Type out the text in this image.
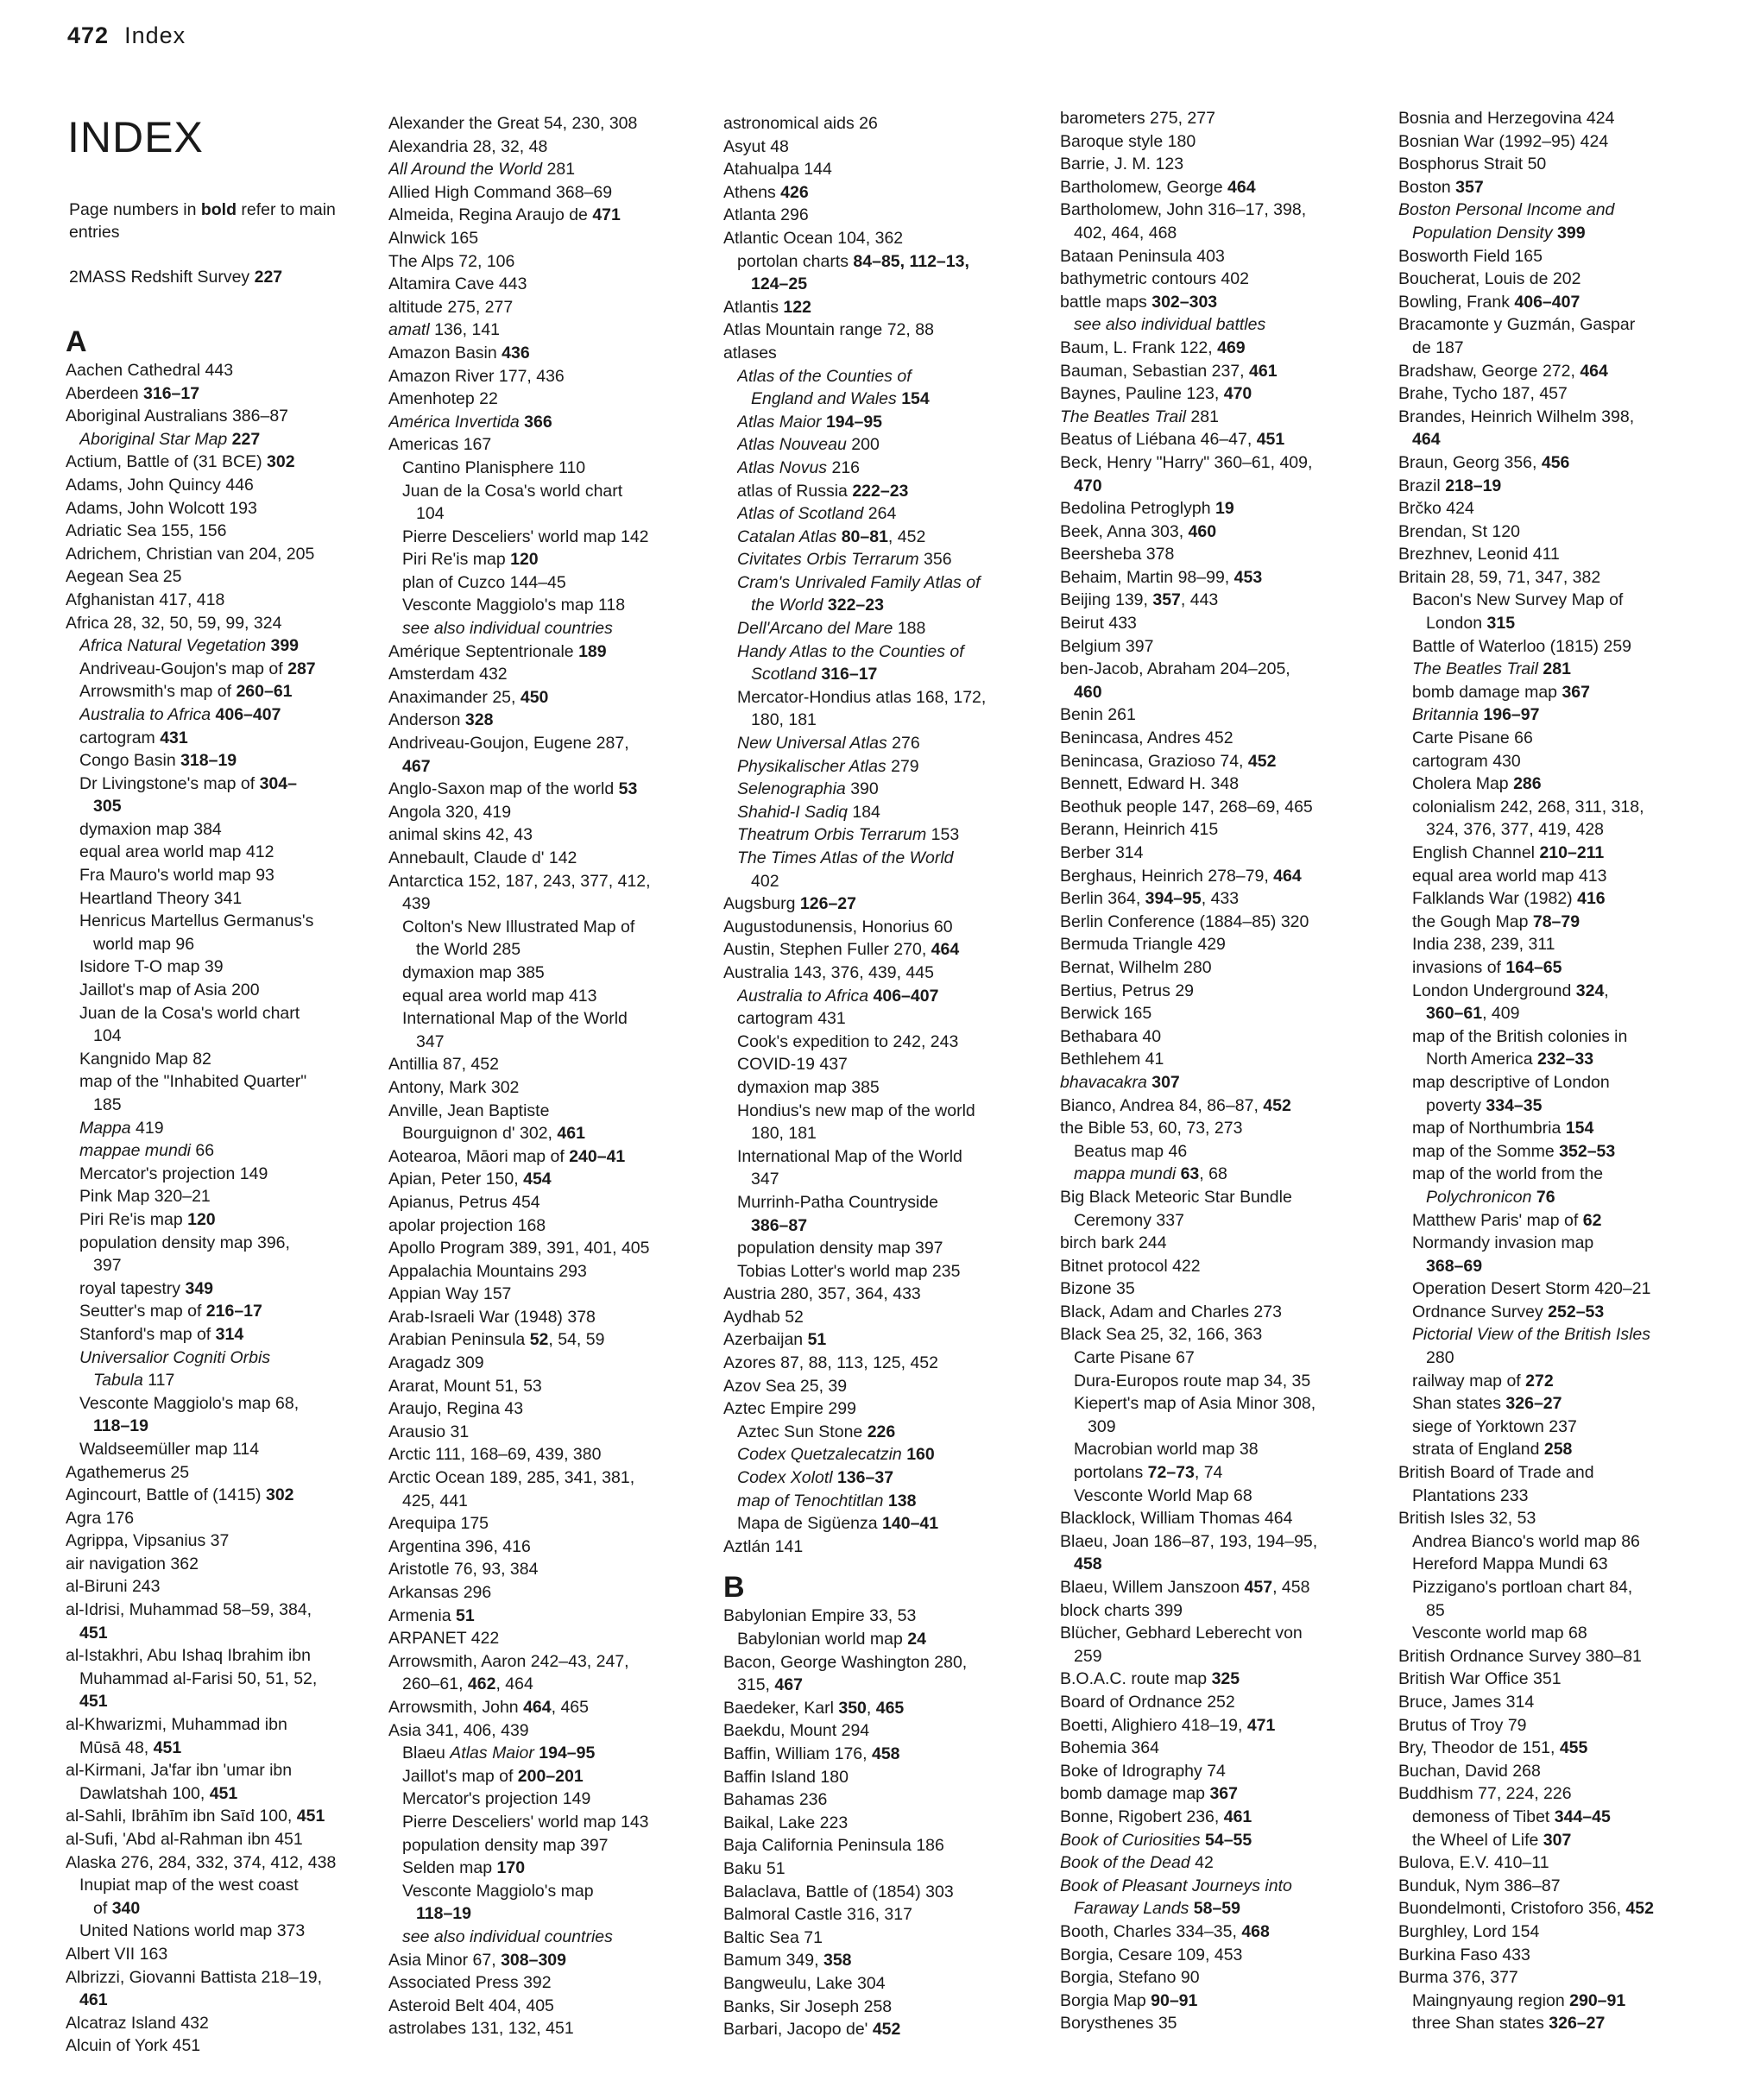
472 Index
INDEX
Page numbers in bold refer to main entries
2MASS Redshift Survey 227
A
Aachen Cathedral 443
Aberdeen 316–17
Aboriginal Australians 386–87
Aboriginal Star Map 227
Actium, Battle of (31 BCE) 302
Adams, John Quincy 446
Adams, John Wolcott 193
Adriatic Sea 155, 156
Adrichem, Christian van 204, 205
Aegean Sea 25
Afghanistan 417, 418
Africa 28, 32, 50, 59, 99, 324
Africa Natural Vegetation 399
Andriveau-Goujon's map of 287
Arrowsmith's map of 260–61
Australia to Africa 406–407
cartogram 431
Congo Basin 318–19
Dr Livingstone's map of 304–
305
dymaxion map 384
equal area world map 412
Fra Mauro's world map 93
Heartland Theory 341
Henricus Martellus Germanus's
world map 96
Isidore T-O map 39
Jaillot's map of Asia 200
Juan de la Cosa's world chart
104
Kangnido Map 82
map of the "Inhabited Quarter"
185
Mappa 419
mappae mundi 66
Mercator's projection 149
Pink Map 320–21
Piri Re'is map 120
population density map 396,
397
royal tapestry 349
Seutter's map of 216–17
Stanford's map of 314
Universalior Cogniti Orbis
Tabula 117
Vesconte Maggiolo's map 68,
118–19
Waldseemüller map 114
Agathemerus 25
Agincourt, Battle of (1415) 302
Agra 176
Agrippa, Vipsanius 37
air navigation 362
al-Biruni 243
al-Idrisi, Muhammad 58–59, 384,
451
al-Istakhri, Abu Ishaq Ibrahim ibn
Muhammad al-Farisi 50, 51, 52,
451
al-Khwarizmi, Muhammad ibn
Mūsā 48, 451
al-Kirmani, Ja'far ibn 'umar ibn
Dawlatshah 100, 451
al-Sahli, Ibrāhīm ibn Saīd 100, 451
al-Sufi, 'Abd al-Rahman ibn 451
Alaska 276, 284, 332, 374, 412, 438
Inupiat map of the west coast
of 340
United Nations world map 373
Albert VII 163
Albrizzi, Giovanni Battista 218–19,
461
Alcatraz Island 432
Alcuin of York 451
Alexander the Great 54, 230, 308
Alexandria 28, 32, 48
All Around the World 281
Allied High Command 368–69
Almeida, Regina Araujo de 471
Alnwick 165
The Alps 72, 106
Altamira Cave 443
altitude 275, 277
amatl 136, 141
Amazon Basin 436
Amazon River 177, 436
Amenhotep 22
América Invertida 366
Americas 167
Cantino Planisphere 110
Juan de la Cosa's world chart
104
Pierre Desceliers' world map 142
Piri Re'is map 120
plan of Cuzco 144–45
Vesconte Maggiolo's map 118
see also individual countries
Amérique Septentrionale 189
Amsterdam 432
Anaximander 25, 450
Anderson 328
Andriveau-Goujon, Eugene 287,
467
Anglo-Saxon map of the world 53
Angola 320, 419
animal skins 42, 43
Annebault, Claude d' 142
Antarctica 152, 187, 243, 377, 412,
439
Colton's New Illustrated Map of
the World 285
dymaxion map 385
equal area world map 413
International Map of the World
347
Antillia 87, 452
Antony, Mark 302
Anville, Jean Baptiste
Bourguignon d' 302, 461
Aotearoa, Māori map of 240–41
Apian, Peter 150, 454
Apianus, Petrus 454
apolar projection 168
Apollo Program 389, 391, 401, 405
Appalachia Mountains 293
Appian Way 157
Arab-Israeli War (1948) 378
Arabian Peninsula 52, 54, 59
Aragadz 309
Ararat, Mount 51, 53
Araujo, Regina 43
Arausio 31
Arctic 111, 168–69, 439, 380
Arctic Ocean 189, 285, 341, 381,
425, 441
Arequipa 175
Argentina 396, 416
Aristotle 76, 93, 384
Arkansas 296
Armenia 51
ARPANET 422
Arrowsmith, Aaron 242–43, 247,
260–61, 462, 464
Arrowsmith, John 464, 465
Asia 341, 406, 439
Blaeu Atlas Maior 194–95
Jaillot's map of 200–201
Mercator's projection 149
Pierre Desceliers' world map 143
population density map 397
Selden map 170
Vesconte Maggiolo's map
118–19
see also individual countries
Asia Minor 67, 308–309
Associated Press 392
Asteroid Belt 404, 405
astrolabes 131, 132, 451
astronomical aids 26
Asyut 48
Atahualpa 144
Athens 426
Atlanta 296
Atlantic Ocean 104, 362
portolan charts 84–85, 112–13,
124–25
Atlantis 122
Atlas Mountain range 72, 88
atlases
Atlas of the Counties of
England and Wales 154
Atlas Maior 194–95
Atlas Nouveau 200
Atlas Novus 216
atlas of Russia 222–23
Atlas of Scotland 264
Catalan Atlas 80–81, 452
Civitates Orbis Terrarum 356
Cram's Unrivaled Family Atlas of
the World 322–23
Dell'Arcano del Mare 188
Handy Atlas to the Counties of
Scotland 316–17
Mercator-Hondius atlas 168, 172,
180, 181
New Universal Atlas 276
Physikalischer Atlas 279
Selenographia 390
Shahid-I Sadiq 184
Theatrum Orbis Terrarum 153
The Times Atlas of the World
402
Augsburg 126–27
Augustodunensis, Honorius 60
Austin, Stephen Fuller 270, 464
Australia 143, 376, 439, 445
Australia to Africa 406–407
cartogram 431
Cook's expedition to 242, 243
COVID-19 437
dymaxion map 385
Hondius's new map of the world
180, 181
International Map of the World
347
Murrinh-Patha Countryside
386–87
population density map 397
Tobias Lotter's world map 235
Austria 280, 357, 364, 433
Aydhab 52
Azerbaijan 51
Azores 87, 88, 113, 125, 452
Azov Sea 25, 39
Aztec Empire 299
Aztec Sun Stone 226
Codex Quetzalecatzin 160
Codex Xolotl 136–37
map of Tenochtitlan 138
Mapa de Sigüenza 140–41
Aztlán 141
B
Babylonian Empire 33, 53
Babylonian world map 24
Bacon, George Washington 280,
315, 467
Baedeker, Karl 350, 465
Baekdu, Mount 294
Baffin, William 176, 458
Baffin Island 180
Bahamas 236
Baikal, Lake 223
Baja California Peninsula 186
Baku 51
Balaclava, Battle of (1854) 303
Balmoral Castle 316, 317
Baltic Sea 71
Bamum 349, 358
Bangweulu, Lake 304
Banks, Sir Joseph 258
Barbari, Jacopo de' 452
barometers 275, 277
Baroque style 180
Barrie, J. M. 123
Bartholomew, George 464
Bartholomew, John 316–17, 398,
402, 464, 468
Bataan Peninsula 403
bathymetric contours 402
battle maps 302–303
see also individual battles
Baum, L. Frank 122, 469
Bauman, Sebastian 237, 461
Baynes, Pauline 123, 470
The Beatles Trail 281
Beatus of Liébana 46–47, 451
Beck, Henry "Harry" 360–61, 409,
470
Bedolina Petroglyph 19
Beek, Anna 303, 460
Beersheba 378
Behaim, Martin 98–99, 453
Beijing 139, 357, 443
Beirut 433
Belgium 397
ben-Jacob, Abraham 204–205,
460
Benin 261
Benincasa, Andres 452
Benincasa, Grazioso 74, 452
Bennett, Edward H. 348
Beothuk people 147, 268–69, 465
Berann, Heinrich 415
Berber 314
Berghaus, Heinrich 278–79, 464
Berlin 364, 394–95, 433
Berlin Conference (1884–85) 320
Bermuda Triangle 429
Bernat, Wilhelm 280
Bertius, Petrus 29
Berwick 165
Bethabara 40
Bethlehem 41
bhavacakra 307
Bianco, Andrea 84, 86–87, 452
the Bible 53, 60, 73, 273
Beatus map 46
mappa mundi 63, 68
Big Black Meteoric Star Bundle
Ceremony 337
birch bark 244
Bitnet protocol 422
Bizone 35
Black, Adam and Charles 273
Black Sea 25, 32, 166, 363
Carte Pisane 67
Dura-Europos route map 34, 35
Kiepert's map of Asia Minor 308,
309
Macrobian world map 38
portolans 72–73, 74
Vesconte World Map 68
Blacklock, William Thomas 464
Blaeu, Joan 186–87, 193, 194–95,
458
Blaeu, Willem Janszoon 457, 458
block charts 399
Blücher, Gebhard Leberecht von
259
B.O.A.C. route map 325
Board of Ordnance 252
Boetti, Alighiero 418–19, 471
Bohemia 364
Boke of Idrography 74
bomb damage map 367
Bonne, Rigobert 236, 461
Book of Curiosities 54–55
Book of the Dead 42
Book of Pleasant Journeys into
Faraway Lands 58–59
Booth, Charles 334–35, 468
Borgia, Cesare 109, 453
Borgia, Stefano 90
Borgia Map 90–91
Borysthenes 35
Bosnia and Herzegovina 424
Bosnian War (1992–95) 424
Bosphorus Strait 50
Boston 357
Boston Personal Income and
Population Density 399
Bosworth Field 165
Boucherat, Louis de 202
Bowling, Frank 406–407
Bracamonte y Guzmán, Gaspar
de 187
Bradshaw, George 272, 464
Brahe, Tycho 187, 457
Brandes, Heinrich Wilhelm 398,
464
Braun, Georg 356, 456
Brazil 218–19
Brčko 424
Brendan, St 120
Brezhnev, Leonid 411
Britain 28, 59, 71, 347, 382
Bacon's New Survey Map of
London 315
Battle of Waterloo (1815) 259
The Beatles Trail 281
bomb damage map 367
Britannia 196–97
Carte Pisane 66
cartogram 430
Cholera Map 286
colonialism 242, 268, 311, 318,
324, 376, 377, 419, 428
English Channel 210–211
equal area world map 413
Falklands War (1982) 416
the Gough Map 78–79
India 238, 239, 311
invasions of 164–65
London Underground 324,
360–61, 409
map of the British colonies in
North America 232–33
map descriptive of London
poverty 334–35
map of Northumbria 154
map of the Somme 352–53
map of the world from the
Polychronicon 76
Matthew Paris' map of 62
Normandy invasion map
368–69
Operation Desert Storm 420–21
Ordnance Survey 252–53
Pictorial View of the British Isles
280
railway map of 272
Shan states 326–27
siege of Yorktown 237
strata of England 258
British Board of Trade and
Plantations 233
British Isles 32, 53
Andrea Bianco's world map 86
Hereford Mappa Mundi 63
Pizzigano's portloan chart 84,
85
Vesconte world map 68
British Ordnance Survey 380–81
British War Office 351
Bruce, James 314
Brutus of Troy 79
Bry, Theodor de 151, 455
Buchan, David 268
Buddhism 77, 224, 226
demoness of Tibet 344–45
the Wheel of Life 307
Bulova, E.V. 410–11
Bunduk, Nym 386–87
Buondelmonti, Cristoforo 356, 452
Burghley, Lord 154
Burkina Faso 433
Burma 376, 377
Maingnyaung region 290–91
three Shan states 326–27
